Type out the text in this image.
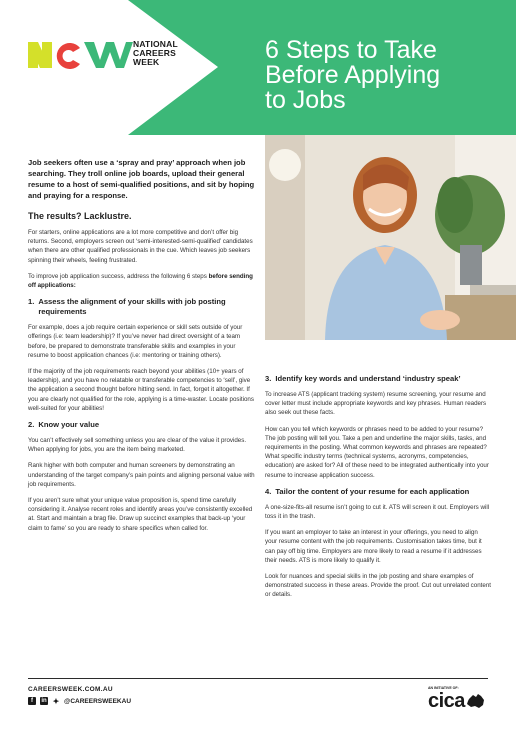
NATIONAL
CAREERS
WEEK	6 Steps to Take
Before Applying
to Jobs

Job seekers often use a ‘spray and pray’ approach when job searching. They troll online job boards, upload their general resume to a host of semi-qualified positions, and sit by hoping and praying for a response.

The results? Lacklustre.

For starters, online applications are a lot more competitive and don’t offer big returns. Second, employers screen out ‘semi-interested-semi-qualified’ candidates when there are other qualified professionals in the cue. Which leaves job seekers spinning their wheels, feeling frustrated.

To improve job application success, address the following 6 steps before sending off applications:

1. Assess the alignment of your skills with job posting requirements

For example, does a job require certain experience or skill sets outside of your offerings (i.e: team leadership)? If you’ve never had direct oversight of a team before, be prepared to demonstrate transferable skills and examples in your resume to boost application chances (i.e: mentoring or training others).

If the majority of the job requirements reach beyond your abilities (10+ years of leadership), and you have no relatable or transferable competencies to ‘sell’, give the application a second thought before hitting send. In fact, forget it altogether. If you are clearly not qualified for the role, applying is a time-waster. Locate positions well-suited for your abilities!

2. Know your value

You can’t effectively sell something unless you are clear of the value it provides. When applying for jobs, you are the item being marketed.

Rank higher with both computer and human screeners by demonstrating an understanding of the target company’s pain points and aligning personal value with job requirements.

If you aren’t sure what your unique value proposition is, spend time carefully considering it. Analyse recent roles and identify areas you’ve consistently excelled at. Start and maintain a brag file. Draw up succinct examples that back-up ‘your claim to fame’ so you are ready to share specifics when called for.

3. Identify key words and understand ‘industry speak’

To increase ATS (applicant tracking system) resume screening, your resume and cover letter must include appropriate keywords and key phrases. Human readers also seek out these facts.

How can you tell which keywords or phrases need to be added to your resume? The job posting will tell you. Take a pen and underline the major skills, tasks, and requirements in the posting. What common keywords and phrases are repeated? What specific industry terms (technical systems, acronyms, competencies, education) are asked for? All of these need to be integrated authentically into your resume to increase application success.

4. Tailor the content of your resume for each application

A one-size-fits-all resume isn’t going to cut it. ATS will screen it out. Employers will toss it in the trash.

If you want an employer to take an interest in your offerings, you need to align your resume content with the job requirements. Customisation takes time, but it can pay off big time. Employers are more likely to read a resume if it addresses their needs. ATS is more likely to qualify it.

Look for nuances and special skills in the job posting and share examples of demonstrated success in these areas. Provide the proof. Cut out unrelated content or details.

CAREERSWEEK.COM.AU
f	in ✦ @CAREERSWEEKAU
AN INITIATIVE OF:
cica
